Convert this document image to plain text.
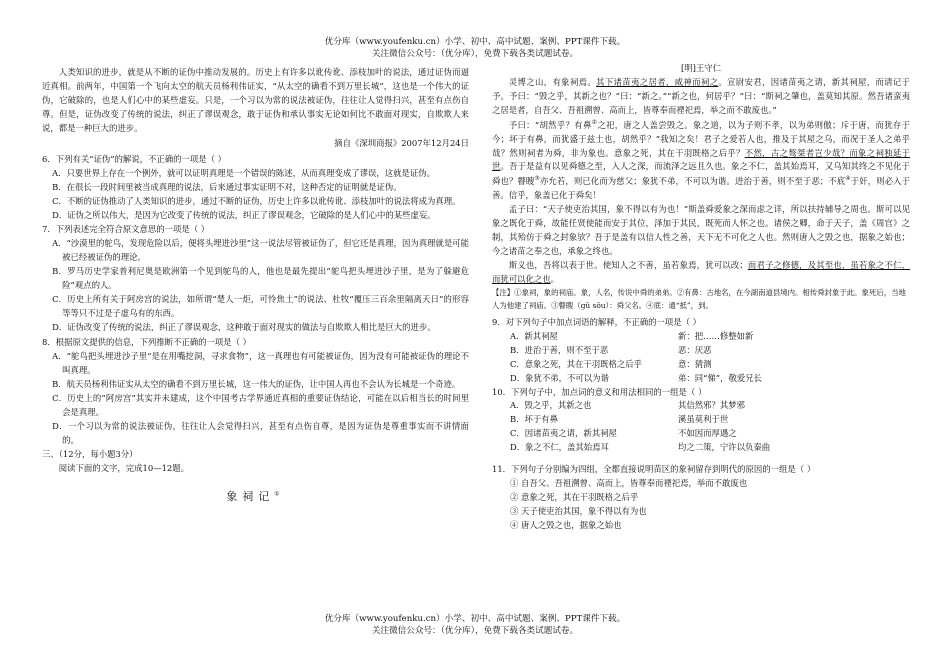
优分库（www.youfenku.cn）小学、初中、高中试题、案例、PPT课件下载。
关注微信公众号：（优分库），免费下载各类试题试卷。

人类知识的进步，就是从不断的证伪中推动发展的。历史上有许多以讹传讹、添枝加叶的说法，通过证伪而逼近真相。前两年，中国第一个飞向太空的航天员杨利伟证实，“从太空的确看不到万里长城”，这也是一个伟大的证伪，它破除的，也是人们心中的某些虚妄。只是，一个习以为常的说法被证伪，往往让人觉得扫兴，甚至有点伤自尊。但是，证伪改变了传统的说法，纠正了谬误观念，敢于证伪和承认事实无论如何比不敢面对现实，自欺欺人来说，都是一种巨大的进步。

摘自《深圳商报》2007年12月24日
6．下列有关“证伪”的解说，不正确的一项是（ ）
A．只要世界上存在一个例外，就可以证明真理是一个错误的陈述，从而真理变成了谬误，这就是证伪。
B．在很长一段时间里被当成真理的说法，后来通过事实证明不对，这种否定的证明就是证伪。
C．不断的证伪推动了人类知识的进步，通过不断的证伪，历史上许多以讹传讹、添枝加叶的说法将成为真理。
D．证伪之所以伟大，是因为它改变了传统的说法，纠正了谬误观念，它破除的是人们心中的某些虚妄。
7．下列表述完全符合原文意思的一项是（ ）
A．“沙漠里的鸵鸟，发现危险以后，便将头埋进沙里”这一说法尽管被证伪了，但它还是真理，因为真理就是可能被已经被证伪的理论。
B．罗马历史学家普利尼奥是欧洲第一个见到鸵鸟的人，他也是最先提出“鸵鸟把头埋进沙子里，是为了躲避危险”观点的人。
C．历史上所有关于阿房宫的说法，如所谓“楚人一炬，可怜焦土”的说法、杜牧“覆压三百余里隔离天日”的形容等等只不过是子虚乌有的东西。
D．证伪改变了传统的说法，纠正了谬误观念，这种敢于面对现实的做法与自欺欺人相比是巨大的进步。
8．根据原文提供的信息，下列推断不正确的一项是（ ）
A．“鸵鸟把头埋进沙子里”是在用嘴挖洞，寻求食物”，这一真理也有可能被证伪，因为没有可能被证伪的理论不叫真理。
B．航天员杨利伟证实从太空的确看不到万里长城，这一伟大的证伪，让中国人再也不会认为长城是一个奇迹。
C．历史上的“阿房宫”其实并未建成，这个中国考古学界通近真相的重要证伪结论，可能在以后相当长的时间里会是真理。
D．一个习以为常的说法被证伪，往往让人会觉得扫兴，甚至有点伤自尊，是因为证伪是尊重事实而不讲情面的。
三、（12分，每小题3分）

阅读下面的文字，完成10—12题。

象祠记①
[明]王守仁

灵博之山，有象祠焉。其下诸苗夷之居者，咸神而祠之。宣尉安君，因诸苗夷之请，新其祠屋，而请记于予。予曰：“毁之乎，其新之也？”曰：“新之。”“新之也，何居乎？”曰：“斯祠之肇也，盖莫知其原。然吾诸蛮夷之居是者，自吾父、吾祖溯曾、高而上，皆尊奉而禋祀焉，举之而不敢废也。”

予曰：“胡然乎？有鼻②之祀，唐之人盖尝毁之。象之道，以为子则不孝，以为弟则傲；斥于唐，而犹存于今；坏于有鼻，而犹盛于兹土也，胡然乎？”我知之矣！君子之爱若人也，推及于其屋之乌，而况于圣人之弟乎哉？然则祠者为舜，非为象也。意象之死，其在干羽既格之后乎？不然，古之骜桀者岂少哉？而象之祠独延于世。吾于是益有以见舜德之至，入人之深，而流泽之远且久也。象之不仁，盖其始焉耳，又乌知其终之不见化于舜也？瞽瞍③亦允若，则已化而为慈父；象犹不弟，不可以为谐。进治于善，则不至于恶；不底④于奸，则必入于善。信乎，象盖已化于舜矣！

孟子曰：“天子使吏治其国，象不得以有为也！”斯盖舜爱象之深而虑之详，所以扶持辅导之周也。斯可以见象之既化于舜，故能任贤使能而安于其位，泽加于其民，既死而人怀之也。诸侯之卿，命于天子，盖《周官》之制，其殆仿于舜之封象欤？吾于是盖有以信人性之善，天下无不可化之人也。然则唐人之毁之也，据象之始也；今之诸苗之奉之也，承象之终也。

斯义也，吾将以表于世。使知人之不善，虽若象焉，犹可以改；而君子之修德，及其至也，虽若象之不仁，而犹可以化之也。

【注】①象祠，象的祠庙。象，人名，传说中舜的弟弟。②有鼻：古地名，在今湖南道县境内。相传舜封象于此。象死后，当地人为他建了祠庙。③瞽瞍（gǔ sǒu）：舜父名。④底：通“抵”，到。
9．对下列句子中加点词语的解释，不正确的一项是（ ）
A．新其祠屋	新：把……修整如新
B．进治于善，则不至于恶	恶：厌恶
C．意象之死，其在干羽既格之后乎	意：猜测
D．象犹不弟，不可以为谐	弟：同“悌”，敬爱兄长
10．下列句子中，加点词的意义和用法相同的一组是（ ）
A．毁之乎，其新之也	其信然邪？其梦邪
B．坏于有鼻	溪虽莫利于世
C．因诸苗夷之请，新其祠屋	不如因而厚遇之
D．象之不仁，盖其始焉耳	均之二策，宁许以负秦曲
11．下列句子分别编为四组，全都直接说明苗区的象祠留存到明代的原因的一组是（ ）
① 自吾父、吾祖溯曾、高而上，皆尊奉而禋祀焉，举而不敢废也
② 意象之死，其在干羽既格之后乎
③ 天子使吏治其国，象不得以有为也
④ 唐人之毁之也，据象之始也
优分库（www.youfenku.cn）小学、初中、高中试题、案例、PPT课件下载。
关注微信公众号：（优分库），免费下载各类试题试卷。
